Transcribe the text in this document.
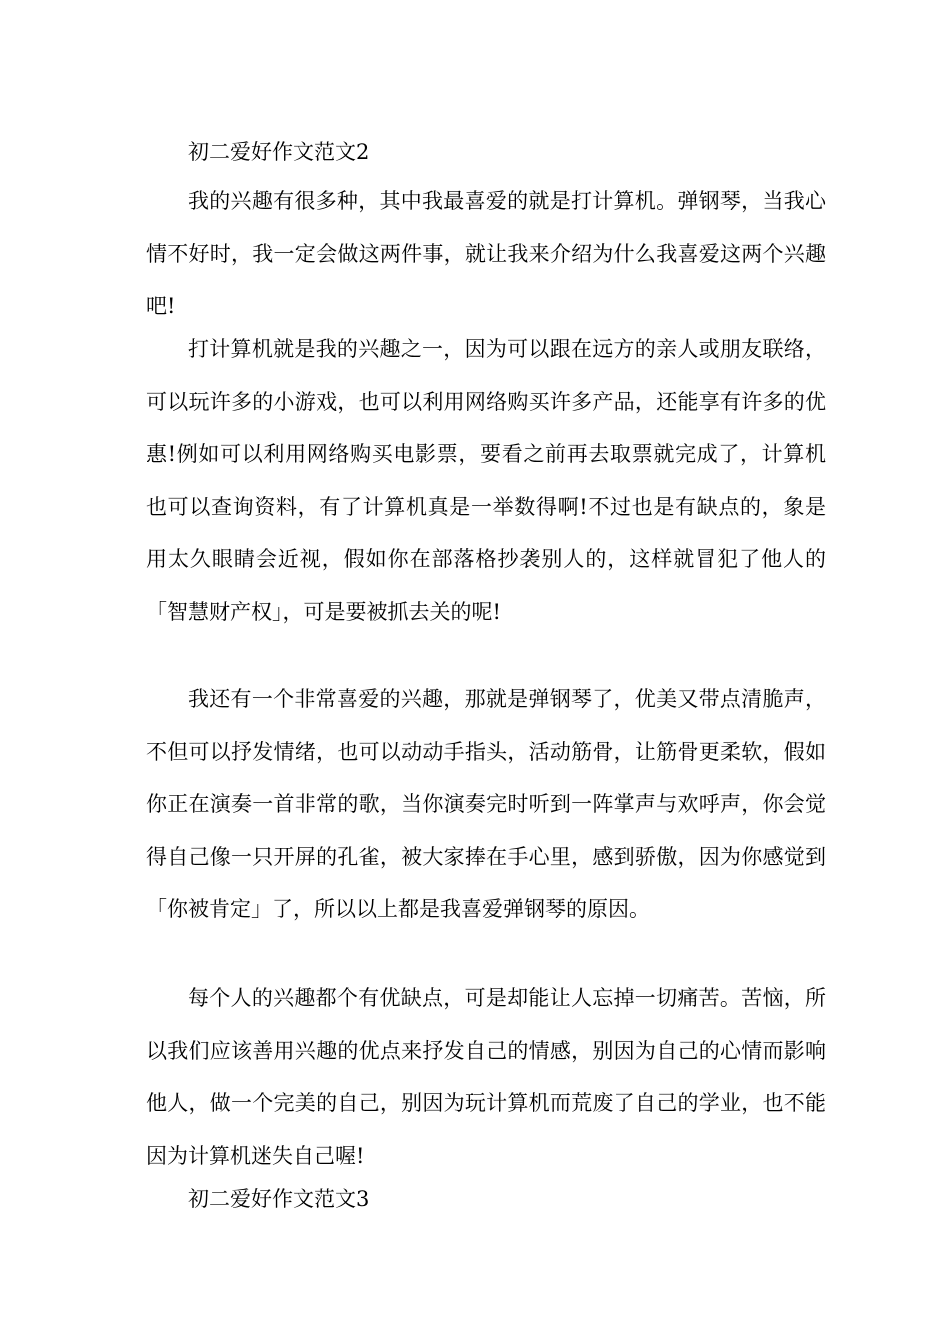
初二爱好作文范文2

我的兴趣有很多种，其中我最喜爱的就是打计算机。弹钢琴，当我心情不好时，我一定会做这两件事，就让我来介绍为什么我喜爱这两个兴趣吧!

打计算机就是我的兴趣之一，因为可以跟在远方的亲人或朋友联络，可以玩许多的小游戏，也可以利用网络购买许多产品，还能享有许多的优惠!例如可以利用网络购买电影票，要看之前再去取票就完成了，计算机也可以查询资料，有了计算机真是一举数得啊!不过也是有缺点的，象是用太久眼睛会近视，假如你在部落格抄袭别人的，这样就冒犯了他人的「智慧财产权」，可是要被抓去关的呢!

我还有一个非常喜爱的兴趣，那就是弹钢琴了，优美又带点清脆声，不但可以抒发情绪，也可以动动手指头，活动筋骨，让筋骨更柔软，假如你正在演奏一首非常的歌，当你演奏完时听到一阵掌声与欢呼声，你会觉得自己像一只开屏的孔雀，被大家捧在手心里，感到骄傲，因为你感觉到「你被肯定」了，所以以上都是我喜爱弹钢琴的原因。

每个人的兴趣都个有优缺点，可是却能让人忘掉一切痛苦。苦恼，所以我们应该善用兴趣的优点来抒发自己的情感，别因为自己的心情而影响他人，做一个完美的自己，别因为玩计算机而荒废了自己的学业，也不能因为计算机迷失自己喔!

初二爱好作文范文3
